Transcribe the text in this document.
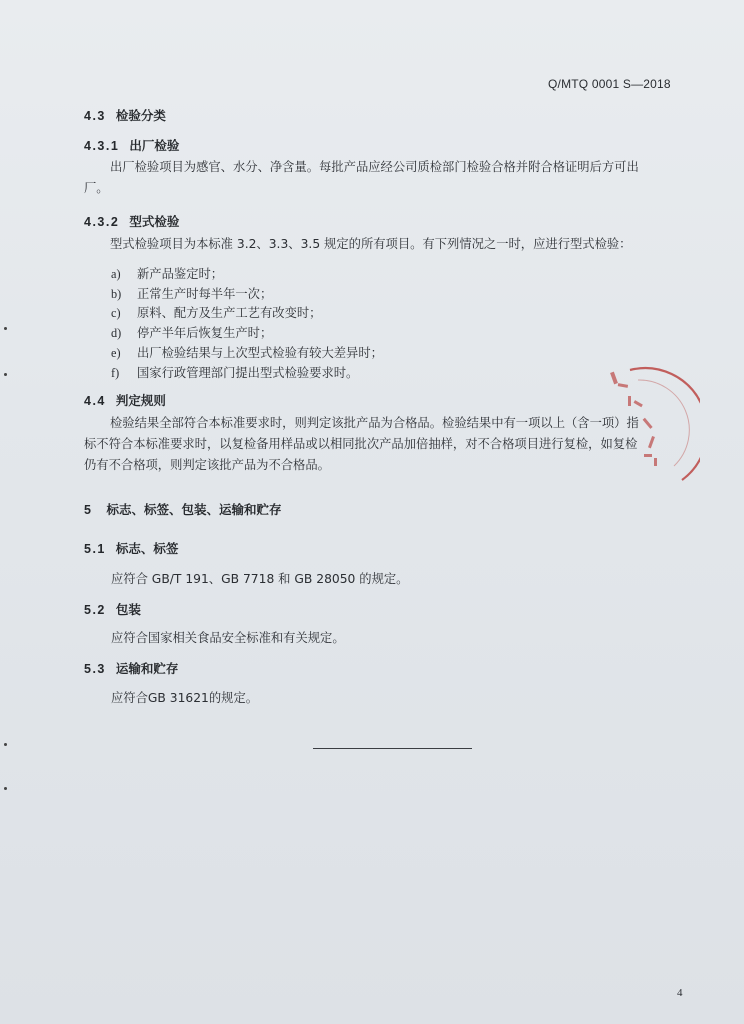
Q/MTQ 0001 S—2018
4.3 检验分类
4.3.1 出厂检验
出厂检验项目为感官、水分、净含量。每批产品应经公司质检部门检验合格并附合格证明后方可出
厂。
4.3.2 型式检验
型式检验项目为本标准 3.2、3.3、3.5 规定的所有项目。有下列情况之一时，应进行型式检验：
a) 新产品鉴定时；
b) 正常生产时每半年一次；
c) 原料、配方及生产工艺有改变时；
d) 停产半年后恢复生产时；
e) 出厂检验结果与上次型式检验有较大差异时；
f) 国家行政管理部门提出型式检验要求时。
4.4 判定规则
检验结果全部符合本标准要求时，则判定该批产品为合格品。检验结果中有一项以上（含一项）指
标不符合本标准要求时，以复检备用样品或以相同批次产品加倍抽样，对不合格项目进行复检，如复检
仍有不合格项，则判定该批产品为不合格品。
5 标志、标签、包装、运输和贮存
5.1 标志、标签
应符合 GB/T 191、GB 7718 和 GB 28050 的规定。
5.2 包装
应符合国家相关食品安全标准和有关规定。
5.3 运输和贮存
应符合GB 31621的规定。
4
